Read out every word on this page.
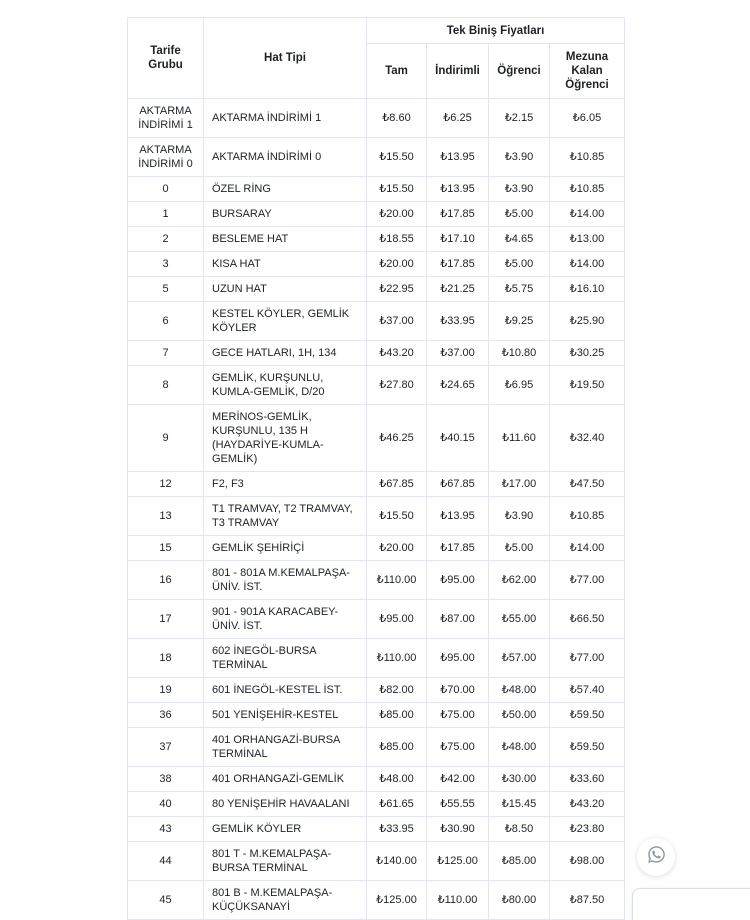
Tarife Grubu	Hat Tipi	Tek Biniş Fiyatları			
		Tam	İndirimli	Öğrenci	Mezuna Kalan Öğrenci
AKTARMA İNDİRİMİ 1	AKTARMA İNDİRİMİ 1	₺8.60	₺6.25	₺2.15	₺6.05
AKTARMA İNDİRİMİ 0	AKTARMA İNDİRİMİ 0	₺15.50	₺13.95	₺3.90	₺10.85
0	ÖZEL RİNG	₺15.50	₺13.95	₺3.90	₺10.85
1	BURSARAY	₺20.00	₺17.85	₺5.00	₺14.00
2	BESLEME HAT	₺18.55	₺17.10	₺4.65	₺13.00
3	KISA HAT	₺20.00	₺17.85	₺5.00	₺14.00
5	UZUN HAT	₺22.95	₺21.25	₺5.75	₺16.10
6	KESTEL KÖYLER, GEMLİK KÖYLER	₺37.00	₺33.95	₺9.25	₺25.90
7	GECE HATLARI, 1H, 134	₺43.20	₺37.00	₺10.80	₺30.25
8	GEMLİK, KURŞUNLU, KUMLA-GEMLİK, D/20	₺27.80	₺24.65	₺6.95	₺19.50
9	MERİNOS-GEMLİK, KURŞUNLU, 135 H (HAYDARİYE-KUMLA-GEMLİK)	₺46.25	₺40.15	₺11.60	₺32.40
12	F2, F3	₺67.85	₺67.85	₺17.00	₺47.50
13	T1 TRAMVAY, T2 TRAMVAY, T3 TRAMVAY	₺15.50	₺13.95	₺3.90	₺10.85
15	GEMLİK ŞEHİRİÇİ	₺20.00	₺17.85	₺5.00	₺14.00
16	801 - 801A M.KEMALPAŞA-ÜNİV. İST.	₺110.00	₺95.00	₺62.00	₺77.00
17	901 - 901A KARACABEY-ÜNİV. İST.	₺95.00	₺87.00	₺55.00	₺66.50
18	602 İNEGÖL-BURSA TERMİNAL	₺110.00	₺95.00	₺57.00	₺77.00
19	601 İNEGÖL-KESTEL İST.	₺82.00	₺70.00	₺48.00	₺57.40
36	501 YENİŞEHİR-KESTEL	₺85.00	₺75.00	₺50.00	₺59.50
37	401 ORHANGAZİ-BURSA TERMİNAL	₺85.00	₺75.00	₺48.00	₺59.50
38	401 ORHANGAZİ-GEMLİK	₺48.00	₺42.00	₺30.00	₺33.60
40	80 YENİŞEHİR HAVAALANI	₺61.65	₺55.55	₺15.45	₺43.20
43	GEMLİK KÖYLER	₺33.95	₺30.90	₺8.50	₺23.80
44	801 T - M.KEMALPAŞA-BURSA TERMİNAL	₺140.00	₺125.00	₺85.00	₺98.00
45	801 B - M.KEMALPAŞA-KÜÇÜKSANAYİ	₺125.00	₺110.00	₺80.00	₺87.50
